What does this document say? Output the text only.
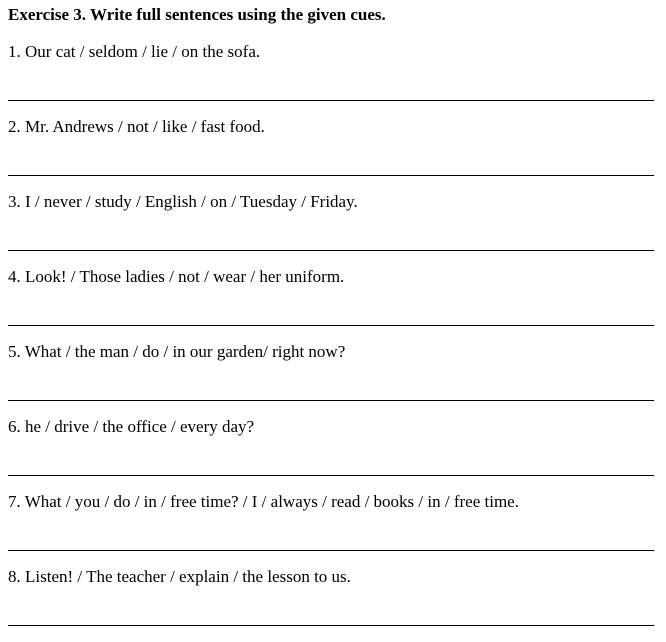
Exercise 3. Write full sentences using the given cues.
1. Our cat / seldom / lie / on the sofa.
2. Mr. Andrews / not / like / fast food.
3. I / never / study / English / on / Tuesday / Friday.
4. Look! / Those ladies / not / wear / her uniform.
5. What / the man / do / in our garden/ right now?
6. he / drive / the office / every day?
7. What / you / do / in / free time? / I / always / read / books / in / free time.
8. Listen! / The teacher / explain / the lesson to us.
